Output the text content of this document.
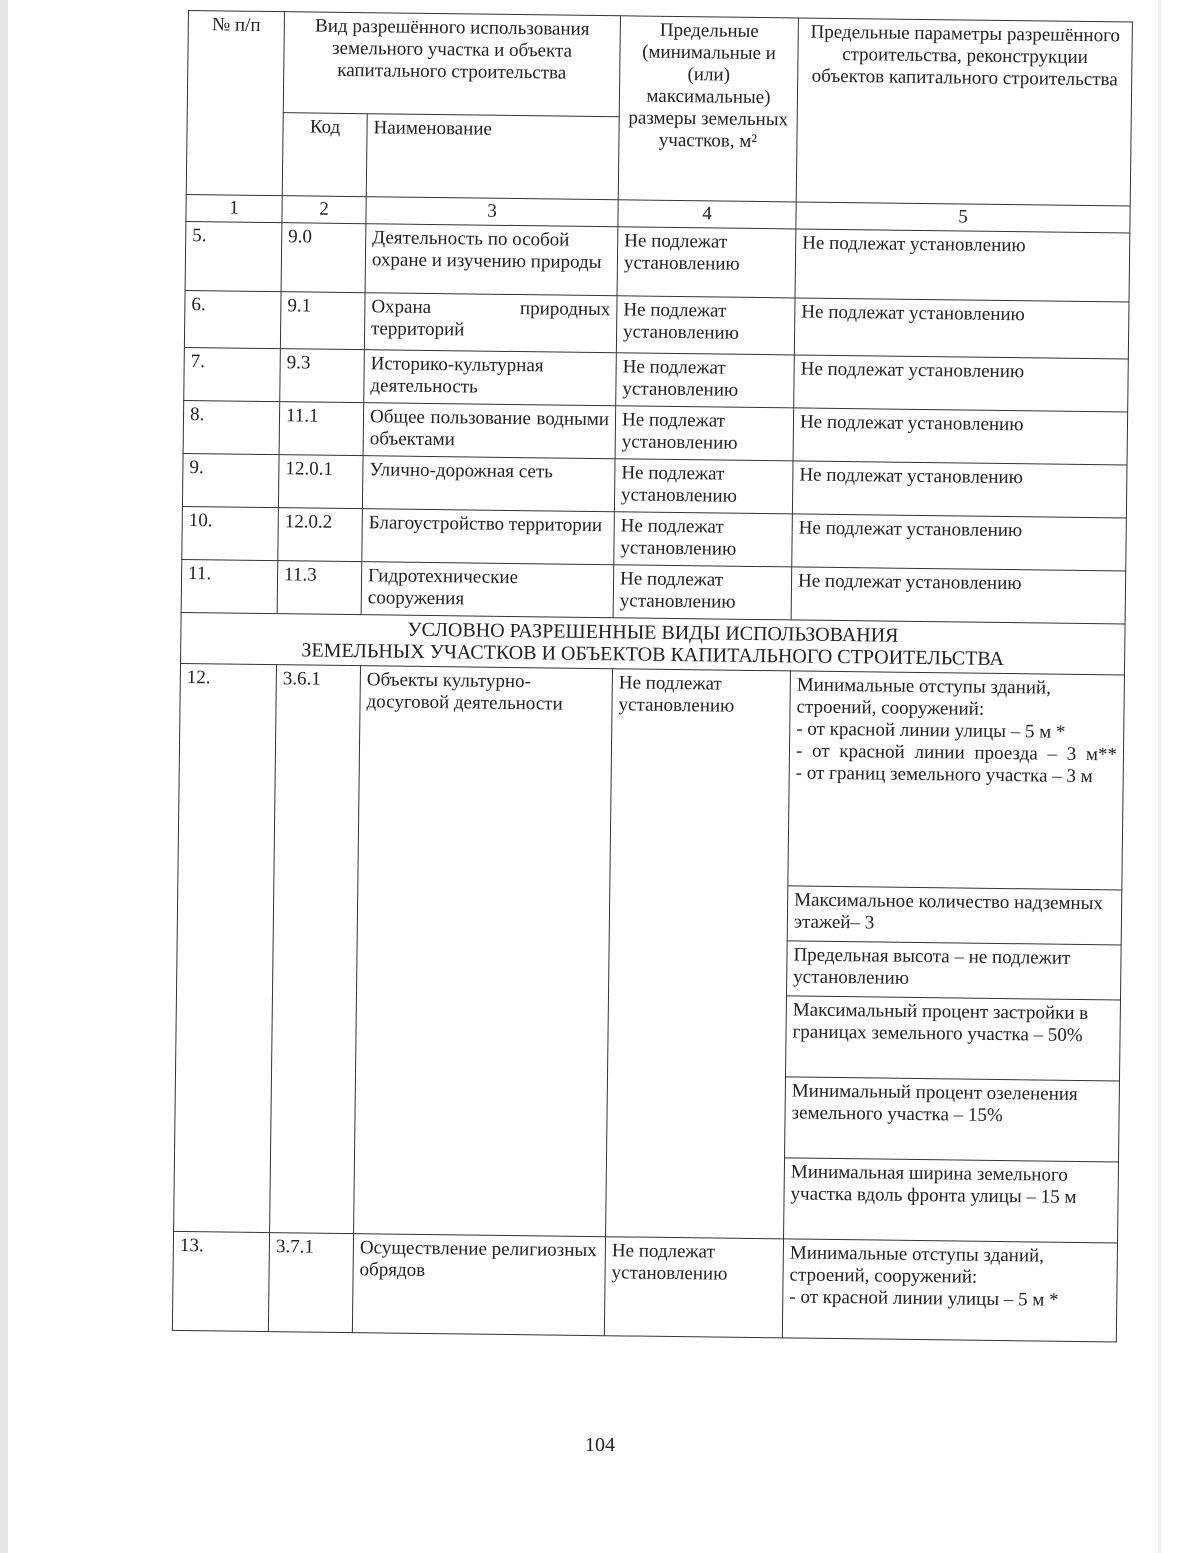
№ п/п	Вид разрешённого использования земельного участка и объекта капитального строительства		Предельные (минимальные и (или) максимальные) размеры земельных участков, м²	Предельные параметры разрешённого строительства, реконструкции объектов капитального строительства
	Код	Наименование		
1	2	3	4	5
5.	9.0	Деятельность по особой охране и изучению природы	Не подлежат установлению	Не подлежат установлению
6.	9.1	Охрана природных территорий	Не подлежат установлению	Не подлежат установлению
7.	9.3	Историко-культурная деятельность	Не подлежат установлению	Не подлежат установлению
8.	11.1	Общее пользование водными объектами	Не подлежат установлению	Не подлежат установлению
9.	12.0.1	Улично-дорожная сеть	Не подлежат установлению	Не подлежат установлению
10.	12.0.2	Благоустройство территории	Не подлежат установлению	Не подлежат установлению
11.	11.3	Гидротехнические сооружения	Не подлежат установлению	Не подлежат установлению

УСЛОВНО РАЗРЕШЕННЫЕ ВИДЫ ИСПОЛЬЗОВАНИЯ
ЗЕМЕЛЬНЫХ УЧАСТКОВ И ОБЪЕКТОВ КАПИТАЛЬНОГО СТРОИТЕЛЬСТВА				

12.	3.6.1	Объекты культурно-досуговой деятельности	Не подлежат установлению	Минимальные отступы зданий, строений, сооружений:
- от красной линии улицы – 5 м *
- от красной линии проезда – 3 м**
- от границ земельного участка – 3 м

				Максимальное количество надземных этажей– 3
				Предельная высота – не подлежит установлению
				Максимальный процент застройки в границах земельного участка – 50%
				Минимальный процент озеленения земельного участка – 15%
				Минимальная ширина земельного участка вдоль фронта улицы – 15 м
13.	3.7.1	Осуществление религиозных обрядов	Не подлежат установлению	Минимальные отступы зданий, строений, сооружений:
- от красной линии улицы – 5 м *
104
